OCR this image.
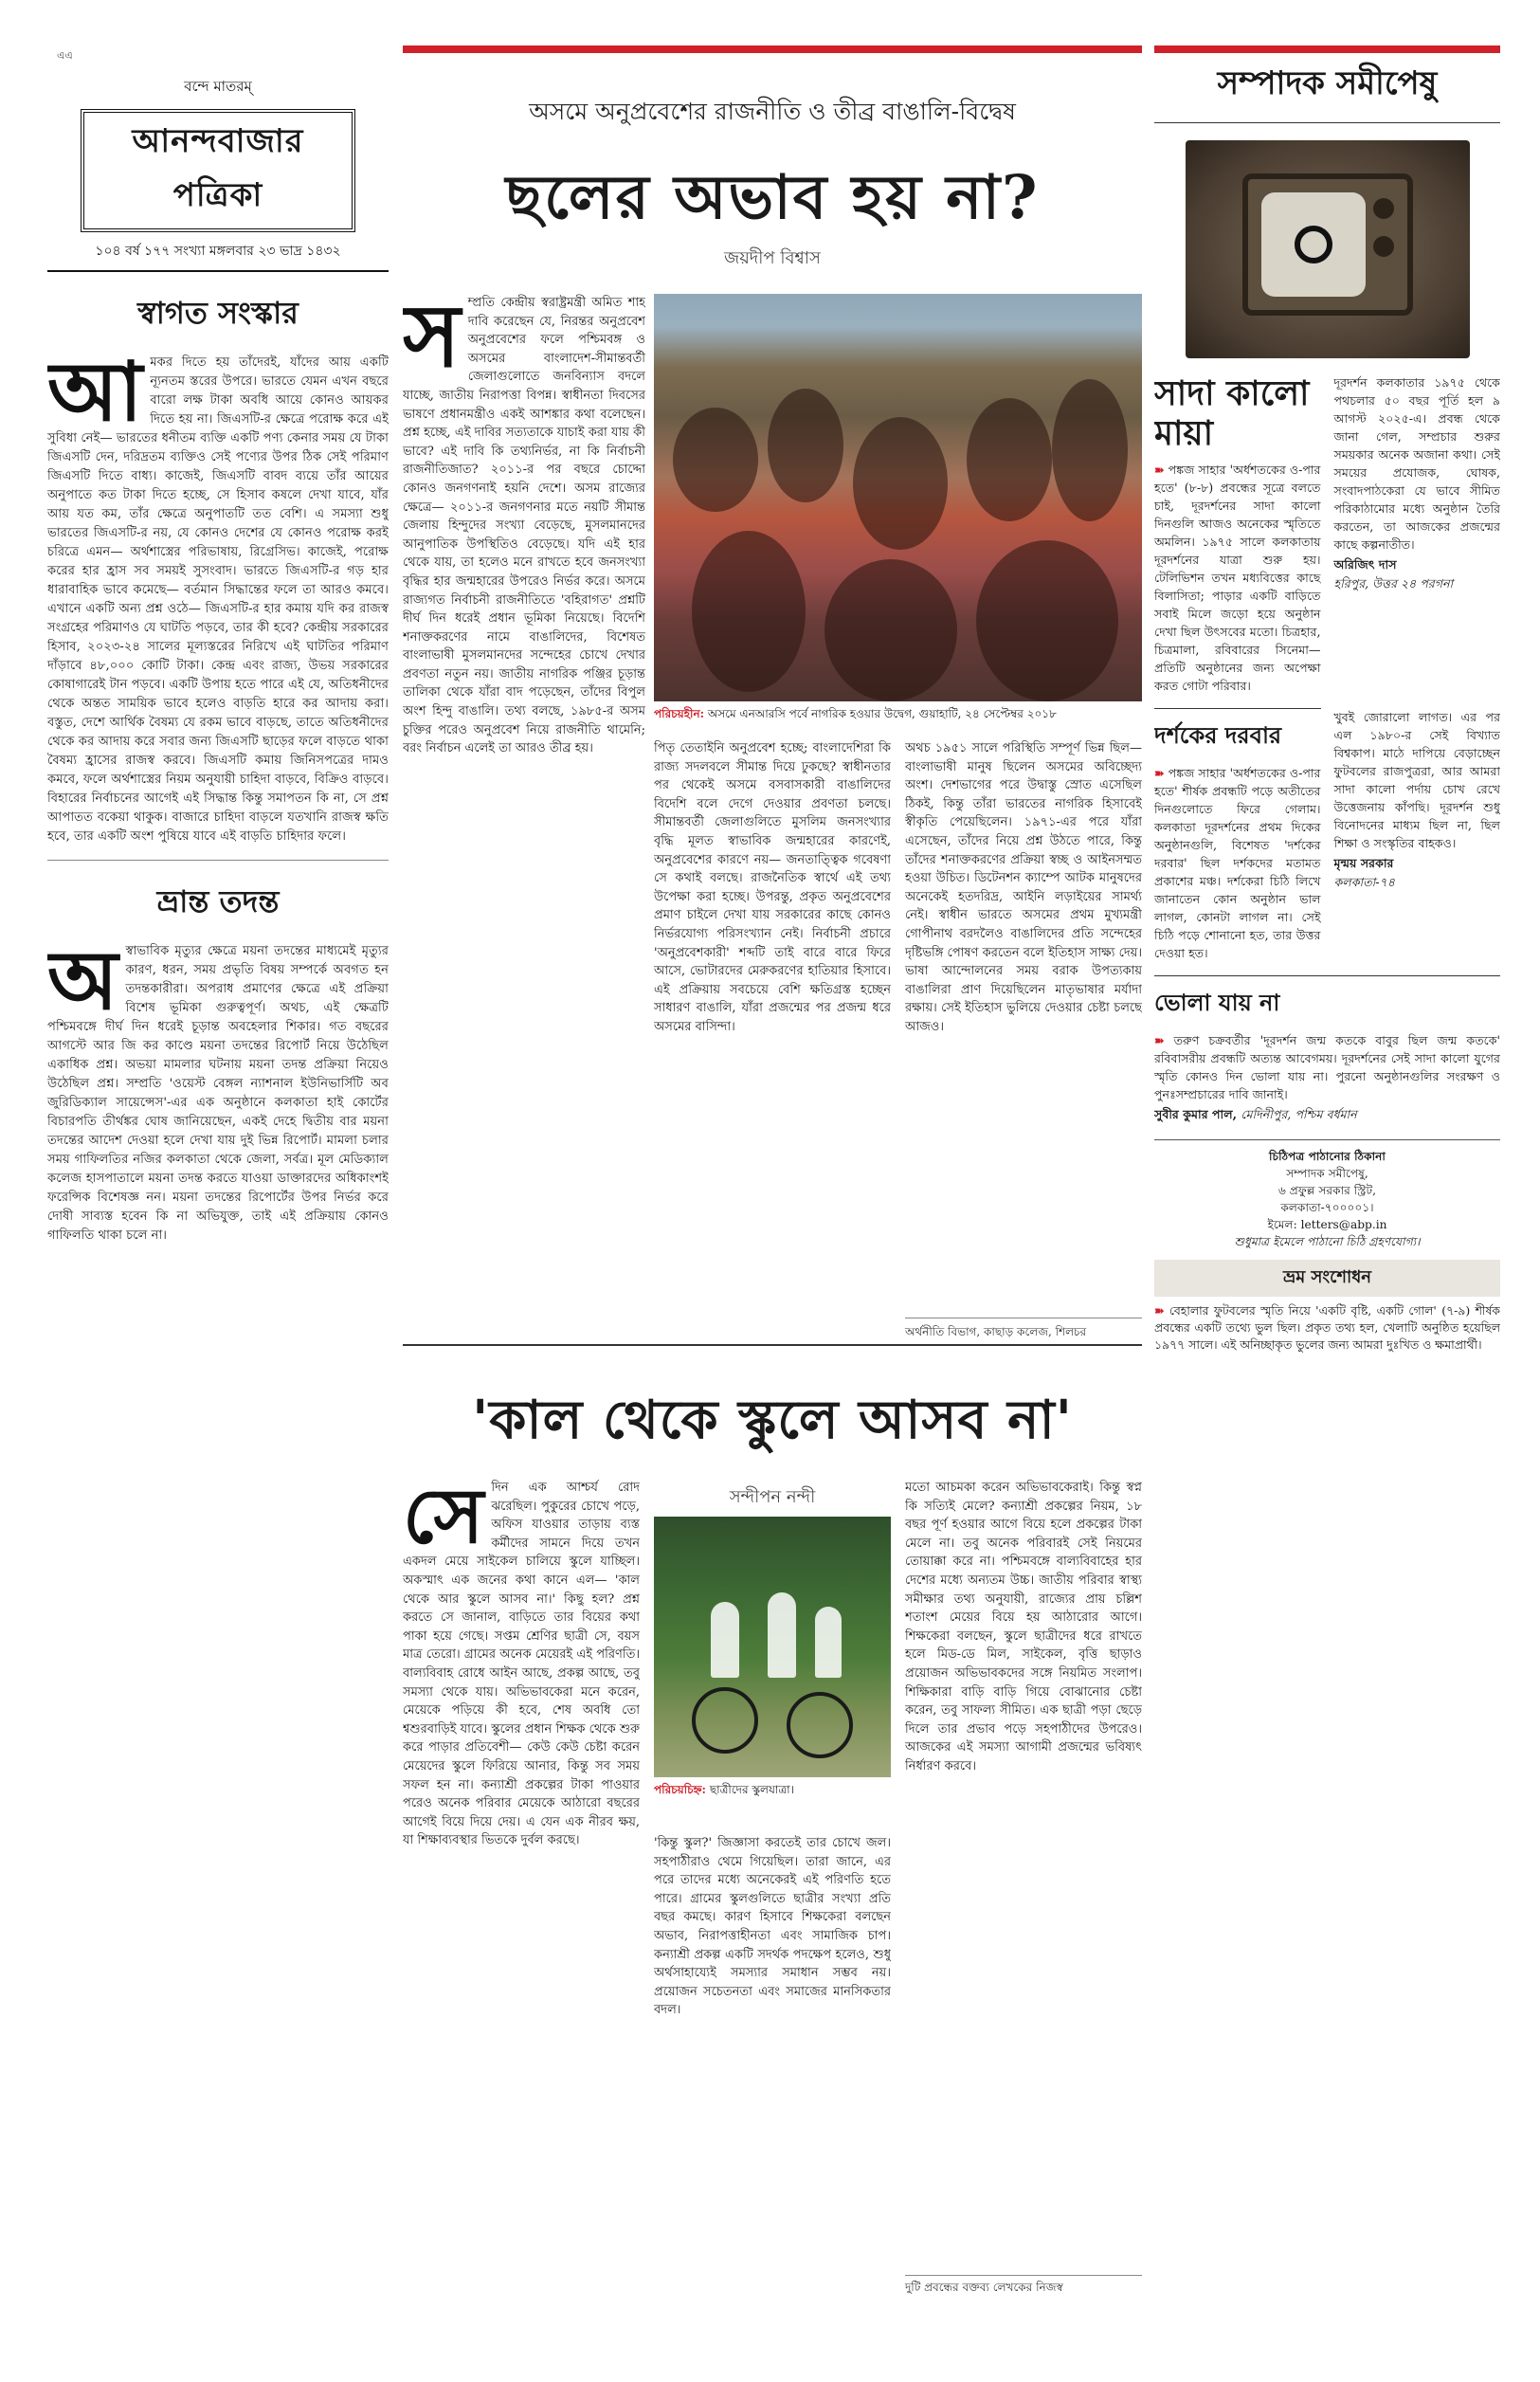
এএ
বন্দে মাতরম্‌
আনন্দবাজার পত্রিকা
১০৪ বর্ষ ১৭৭ সংখ্যা মঙ্গলবার ২৩ ভাদ্র ১৪৩২
স্বাগত সংস্কার
আ মকর দিতে হয় তাঁদেরই, যাঁদের আয় একটি ন্যূনতম স্তরের উপরে। ভারতে যেমন এখন বছরে বারো লক্ষ টাকা অবধি আয়ে কোনও আয়কর দিতে হয় না। জিএসটি-র ক্ষেত্রে পরোক্ষ করে এই সুবিধা নেই— ভারতের ধনীতম ব্যক্তি একটি পণ্য কেনার সময় যে টাকা জিএসটি দেন, দরিদ্রতম ব্যক্তিও সেই পণ্যের উপর ঠিক সেই পরিমাণ জিএসটি দিতে বাধ্য। কাজেই, জিএসটি বাবদ ব্যয়ে তাঁর আয়ের অনুপাতে কত টাকা দিতে হচ্ছে, সে হিসাব কষলে দেখা যাবে, যাঁর আয় যত কম, তাঁর ক্ষেত্রে অনুপাতটি তত বেশি। এ সমস্যা শুধু ভারতের জিএসটি-র নয়, যে কোনও দেশের যে কোনও পরোক্ষ করই চরিত্রে এমন— অর্থশাস্ত্রের পরিভাষায়, রিগ্রেসিভ। কাজেই, পরোক্ষ করের হার হ্রাস সব সময়ই সুসংবাদ। ভারতে জিএসটি-র গড় হার ধারাবাহিক ভাবে কমেছে— বর্তমান সিদ্ধান্তের ফলে তা আরও কমবে। এখানে একটি অন্য প্রশ্ন ওঠে— জিএসটি-র হার কমায় যদি কর রাজস্ব সংগ্রহের পরিমাণও যে ঘাটতি পড়বে, তার কী হবে? কেন্দ্রীয় সরকারের হিসাব, ২০২৩-২৪ সালের মূল্যস্তরের নিরিখে এই ঘাটতির পরিমাণ দাঁড়াবে ৪৮,০০০ কোটি টাকা। কেন্দ্র এবং রাজ্য, উভয় সরকারের কোষাগারেই টান পড়বে। একটি উপায় হতে পারে এই যে, অতিধনীদের থেকে অন্তত সাময়িক ভাবে হলেও বাড়তি হারে কর আদায় করা। বস্তুত, দেশে আর্থিক বৈষম্য যে রকম ভাবে বাড়ছে, তাতে অতিধনীদের থেকে কর আদায় করে সবার জন্য জিএসটি ছাড়ের ফলে বাড়তে থাকা বৈষম্য হ্রাসের রাজস্ব করবে। জিএসটি কমায় জিনিসপত্রের দামও কমবে, ফলে অর্থশাস্ত্রের নিয়ম অনুযায়ী চাহিদা বাড়বে, বিক্রিও বাড়বে। বিহারের নির্বাচনের আগেই এই সিদ্ধান্ত কিন্তু সমাপতন কি না, সে প্রশ্ন আপাতত বকেয়া থাকুক। বাজারে চাহিদা বাড়লে যতখানি রাজস্ব ক্ষতি হবে, তার একটি অংশ পুষিয়ে যাবে এই বাড়তি চাহিদার ফলে।
ভ্রান্ত তদন্ত
অ স্বাভাবিক মৃত্যুর ক্ষেত্রে ময়না তদন্তের মাধ্যমেই মৃত্যুর কারণ, ধরন, সময় প্রভৃতি বিষয় সম্পর্কে অবগত হন তদন্তকারীরা। অপরাধ প্রমাণের ক্ষেত্রে এই প্রক্রিয়া বিশেষ ভূমিকা গুরুত্বপূর্ণ। অথচ, এই ক্ষেত্রটি পশ্চিমবঙ্গে দীর্ঘ দিন ধরেই চূড়ান্ত অবহেলার শিকার। গত বছরের আগস্টে আর জি কর কাণ্ডে ময়না তদন্তের রিপোর্ট নিয়ে উঠেছিল একাধিক প্রশ্ন। অভয়া মামলার ঘটনায় ময়না তদন্ত প্রক্রিয়া নিয়েও উঠেছিল প্রশ্ন। সম্প্রতি 'ওয়েস্ট বেঙ্গল ন্যাশনাল ইউনিভার্সিটি অব জুরিডিক্যাল সায়েন্সেস'-এর এক অনুষ্ঠানে কলকাতা হাই কোর্টের বিচারপতি তীর্থঙ্কর ঘোষ জানিয়েছেন, একই দেহে দ্বিতীয় বার ময়না তদন্তের আদেশ দেওয়া হলে দেখা যায় দুই ভিন্ন রিপোর্ট। মামলা চলার সময় গাফিলতির নজির কলকাতা থেকে জেলা, সর্বত্র। মূল মেডিক্যাল কলেজ হাসপাতালে ময়না তদন্ত করতে যাওয়া ডাক্তারদের অধিকাংশই ফরেন্সিক বিশেষজ্ঞ নন। ময়না তদন্তের রিপোর্টের উপর নির্ভর করে দোষী সাব্যস্ত হবেন কি না অভিযুক্ত, তাই এই প্রক্রিয়ায় কোনও গাফিলতি থাকা চলে না।
অসমে অনুপ্রবেশের রাজনীতি ও তীব্র বাঙালি-বিদ্বেষ
ছলের অভাব হয় না?
জয়দীপ বিশ্বাস
স ম্প্রতি কেন্দ্রীয় স্বরাষ্ট্রমন্ত্রী অমিত শাহ দাবি করেছেন যে, নিরন্তর অনুপ্রবেশ অনুপ্রবেশের ফলে পশ্চিমবঙ্গ ও অসমের বাংলাদেশ-সীমান্তবর্তী জেলাগুলোতে জনবিন্যাস বদলে যাচ্ছে, জাতীয় নিরাপত্তা বিপন্ন। স্বাধীনতা দিবসের ভাষণে প্রধানমন্ত্রীও একই আশঙ্কার কথা বলেছেন। প্রশ্ন হচ্ছে, এই দাবির সত্যতাকে যাচাই করা যায় কী ভাবে? এই দাবি কি তথ্যনির্ভর, না কি নির্বাচনী রাজনীতিজাত? ২০১১-র পর বছরে চোদ্দো কোনও জনগণনাই হয়নি দেশে। অসম রাজ্যের ক্ষেত্রে— ২০১১-র জনগণনার মতে নয়টি সীমান্ত জেলায় হিন্দুদের সংখ্যা বেড়েছে, মুসলমানদের আনুপাতিক উপস্থিতিও বেড়েছে। যদি এই হার থেকে যায়, তা হলেও মনে রাখতে হবে জনসংখ্যা বৃদ্ধির হার জন্মহারের উপরেও নির্ভর করে। অসমে রাজ্যগত নির্বাচনী রাজনীতিতে 'বহিরাগত' প্রশ্নটি দীর্ঘ দিন ধরেই প্রধান ভূমিকা নিয়েছে। বিদেশি শনাক্তকরণের নামে বাঙালিদের, বিশেষত বাংলাভাষী মুসলমানদের সন্দেহের চোখে দেখার প্রবণতা নতুন নয়। জাতীয় নাগরিক পঞ্জির চূড়ান্ত তালিকা থেকে যাঁরা বাদ পড়েছেন, তাঁদের বিপুল অংশ হিন্দু বাঙালি। তথ্য বলছে, ১৯৮৫-র অসম চুক্তির পরেও অনুপ্রবেশ নিয়ে রাজনীতি থামেনি; বরং নির্বাচন এলেই তা আরও তীব্র হয়।
পরিচয়হীন: অসমে এনআরসি পর্বে নাগরিক হওয়ার উদ্বেগ, গুয়াহাটি, ২৪ সেপ্টেম্বর ২০১৮
পিতৃ তেতাইনি অনুপ্রবেশ হচ্ছে; বাংলাদেশিরা কি রাজ্য সদলবলে সীমান্ত দিয়ে ঢুকছে? স্বাধীনতার পর থেকেই অসমে বসবাসকারী বাঙালিদের বিদেশি বলে দেগে দেওয়ার প্রবণতা চলছে। সীমান্তবর্তী জেলাগুলিতে মুসলিম জনসংখ্যার বৃদ্ধি মূলত স্বাভাবিক জন্মহারের কারণেই, অনুপ্রবেশের কারণে নয়— জনতাত্ত্বিক গবেষণা সে কথাই বলছে। রাজনৈতিক স্বার্থে এই তথ্য উপেক্ষা করা হচ্ছে। উপরন্তু, প্রকৃত অনুপ্রবেশের প্রমাণ চাইলে দেখা যায় সরকারের কাছে কোনও নির্ভরযোগ্য পরিসংখ্যান নেই। নির্বাচনী প্রচারে 'অনুপ্রবেশকারী' শব্দটি তাই বারে বারে ফিরে আসে, ভোটারদের মেরুকরণের হাতিয়ার হিসাবে। এই প্রক্রিয়ায় সবচেয়ে বেশি ক্ষতিগ্রস্ত হচ্ছেন সাধারণ বাঙালি, যাঁরা প্রজন্মের পর প্রজন্ম ধরে অসমের বাসিন্দা।
অথচ ১৯৫১ সালে পরিস্থিতি সম্পূর্ণ ভিন্ন ছিল— বাংলাভাষী মানুষ ছিলেন অসমের অবিচ্ছেদ্য অংশ। দেশভাগের পরে উদ্বাস্তু স্রোত এসেছিল ঠিকই, কিন্তু তাঁরা ভারতের নাগরিক হিসাবেই স্বীকৃতি পেয়েছিলেন। ১৯৭১-এর পরে যাঁরা এসেছেন, তাঁদের নিয়ে প্রশ্ন উঠতে পারে, কিন্তু তাঁদের শনাক্তকরণের প্রক্রিয়া স্বচ্ছ ও আইনসম্মত হওয়া উচিত। ডিটেনশন ক্যাম্পে আটক মানুষদের অনেকেই হতদরিদ্র, আইনি লড়াইয়ের সামর্থ্য নেই। স্বাধীন ভারতে অসমের প্রথম মুখ্যমন্ত্রী গোপীনাথ বরদলৈও বাঙালিদের প্রতি সন্দেহের দৃষ্টিভঙ্গি পোষণ করতেন বলে ইতিহাস সাক্ষ্য দেয়। ভাষা আন্দোলনের সময় বরাক উপত্যকায় বাঙালিরা প্রাণ দিয়েছিলেন মাতৃভাষার মর্যাদা রক্ষায়। সেই ইতিহাস ভুলিয়ে দেওয়ার চেষ্টা চলছে আজও।
অর্থনীতি বিভাগ, কাছাড় কলেজ, শিলচর
'কাল থেকে স্কুলে আসব না'
সে দিন এক আশ্চর্য রোদ ঝরেছিল। পুকুরের চোখে পড়ে, অফিস যাওয়ার তাড়ায় ব্যস্ত কর্মীদের সামনে দিয়ে তখন একদল মেয়ে সাইকেল চালিয়ে স্কুলে যাচ্ছিল। অকস্মাৎ এক জনের কথা কানে এল— 'কাল থেকে আর স্কুলে আসব না।' কিছু হল? প্রশ্ন করতে সে জানাল, বাড়িতে তার বিয়ের কথা পাকা হয়ে গেছে। সপ্তম শ্রেণির ছাত্রী সে, বয়স মাত্র তেরো। গ্রামের অনেক মেয়েরই এই পরিণতি। বাল্যবিবাহ রোধে আইন আছে, প্রকল্প আছে, তবু সমস্যা থেকে যায়। অভিভাবকেরা মনে করেন, মেয়েকে পড়িয়ে কী হবে, শেষ অবধি তো শ্বশুরবাড়িই যাবে। স্কুলের প্রধান শিক্ষক থেকে শুরু করে পাড়ার প্রতিবেশী— কেউ কেউ চেষ্টা করেন মেয়েদের স্কুলে ফিরিয়ে আনার, কিন্তু সব সময় সফল হন না। কন্যাশ্রী প্রকল্পের টাকা পাওয়ার পরেও অনেক পরিবার মেয়েকে আঠারো বছরের আগেই বিয়ে দিয়ে দেয়। এ যেন এক নীরব ক্ষয়, যা শিক্ষাব্যবস্থার ভিতকে দুর্বল করছে।
সন্দীপন নন্দী
পরিচয়চিহ্ন: ছাত্রীদের স্কুলযাত্রা।
'কিন্তু স্কুল?' জিজ্ঞাসা করতেই তার চোখে জল। সহপাঠীরাও থেমে গিয়েছিল। তারা জানে, এর পরে তাদের মধ্যে অনেকেরই এই পরিণতি হতে পারে। গ্রামের স্কুলগুলিতে ছাত্রীর সংখ্যা প্রতি বছর কমছে। কারণ হিসাবে শিক্ষকেরা বলছেন অভাব, নিরাপত্তাহীনতা এবং সামাজিক চাপ। কন্যাশ্রী প্রকল্প একটি সদর্থক পদক্ষেপ হলেও, শুধু অর্থসাহায্যেই সমস্যার সমাধান সম্ভব নয়। প্রয়োজন সচেতনতা এবং সমাজের মানসিকতার বদল।
মতো আচমকা করেন অভিভাবকেরাই। কিন্তু স্বপ্ন কি সত্যিই মেলে? কন্যাশ্রী প্রকল্পের নিয়ম, ১৮ বছর পূর্ণ হওয়ার আগে বিয়ে হলে প্রকল্পের টাকা মেলে না। তবু অনেক পরিবারই সেই নিয়মের তোয়াক্কা করে না। পশ্চিমবঙ্গে বাল্যবিবাহের হার দেশের মধ্যে অন্যতম উচ্চ। জাতীয় পরিবার স্বাস্থ্য সমীক্ষার তথ্য অনুযায়ী, রাজ্যের প্রায় চল্লিশ শতাংশ মেয়ের বিয়ে হয় আঠারোর আগে। শিক্ষকেরা বলছেন, স্কুলে ছাত্রীদের ধরে রাখতে হলে মিড-ডে মিল, সাইকেল, বৃত্তি ছাড়াও প্রয়োজন অভিভাবকদের সঙ্গে নিয়মিত সংলাপ। শিক্ষিকারা বাড়ি বাড়ি গিয়ে বোঝানোর চেষ্টা করেন, তবু সাফল্য সীমিত। এক ছাত্রী পড়া ছেড়ে দিলে তার প্রভাব পড়ে সহপাঠীদের উপরেও। আজকের এই সমস্যা আগামী প্রজন্মের ভবিষ্যৎ নির্ধারণ করবে।
দুটি প্রবন্ধের বক্তব্য লেখকের নিজস্ব
সম্পাদক সমীপেষু
সাদা কালো মায়া
➽ পঙ্কজ সাহার 'অর্ধশতকের ও-পার হতে' (৮-৮) প্রবন্ধের সূত্রে বলতে চাই, দূরদর্শনের সাদা কালো দিনগুলি আজও অনেকের স্মৃতিতে অমলিন। ১৯৭৫ সালে কলকাতায় দূরদর্শনের যাত্রা শুরু হয়। টেলিভিশন তখন মধ্যবিত্তের কাছে বিলাসিতা; পাড়ার একটি বাড়িতে সবাই মিলে জড়ো হয়ে অনুষ্ঠান দেখা ছিল উৎসবের মতো। চিত্রহার, চিত্রমালা, রবিবারের সিনেমা— প্রতিটি অনুষ্ঠানের জন্য অপেক্ষা করত গোটা পরিবার।
দূরদর্শন কলকাতার ১৯৭৫ থেকে পথচলার ৫০ বছর পূর্তি হল ৯ আগস্ট ২০২৫-এ। প্রবন্ধ থেকে জানা গেল, সম্প্রচার শুরুর সময়কার অনেক অজানা কথা। সেই সময়ের প্রযোজক, ঘোষক, সংবাদপাঠকেরা যে ভাবে সীমিত পরিকাঠামোর মধ্যে অনুষ্ঠান তৈরি করতেন, তা আজকের প্রজন্মের কাছে কল্পনাতীত।
অরিজিৎ দাস
হরিপুর, উত্তর ২৪ পরগনা
দর্শকের দরবার
➽ পঙ্কজ সাহার 'অর্ধশতকের ও-পার হতে' শীর্ষক প্রবন্ধটি পড়ে অতীতের দিনগুলোতে ফিরে গেলাম। কলকাতা দূরদর্শনের প্রথম দিকের অনুষ্ঠানগুলি, বিশেষত 'দর্শকের দরবার' ছিল দর্শকদের মতামত প্রকাশের মঞ্চ। দর্শকেরা চিঠি লিখে জানাতেন কোন অনুষ্ঠান ভাল লাগল, কোনটা লাগল না। সেই চিঠি পড়ে শোনানো হত, তার উত্তর দেওয়া হত।
খুবই জোরালো লাগত। এর পর এল ১৯৮০-র সেই বিখ্যাত বিশ্বকাপ। মাঠে দাপিয়ে বেড়াচ্ছেন ফুটবলের রাজপুত্ররা, আর আমরা সাদা কালো পর্দায় চোখ রেখে উত্তেজনায় কাঁপছি। দূরদর্শন শুধু বিনোদনের মাধ্যম ছিল না, ছিল শিক্ষা ও সংস্কৃতির বাহকও।
মৃন্ময় সরকার
কলকাতা-৭৪
ভোলা যায় না
➽ তরুণ চক্রবর্তীর 'দূরদর্শন জন্ম কতকে বাবুর ছিল জন্ম কতকে' রবিবাসরীয় প্রবন্ধটি অত্যন্ত আবেগময়। দূরদর্শনের সেই সাদা কালো যুগের স্মৃতি কোনও দিন ভোলা যায় না। পুরনো অনুষ্ঠানগুলির সংরক্ষণ ও পুনঃসম্প্রচারের দাবি জানাই।
সুবীর কুমার পাল, মেদিনীপুর, পশ্চিম বর্ধমান
চিঠিপত্র পাঠানোর ঠিকানা
সম্পাদক সমীপেষু,
৬ প্রফুল্ল সরকার স্ট্রিট,
কলকাতা-৭০০০০১।
ইমেল: letters@abp.in
শুধুমাত্র ইমেলে পাঠানো চিঠি গ্রহণযোগ্য।
ভ্রম সংশোধন
➽ বেহালার ফুটবলের স্মৃতি নিয়ে 'একটি বৃষ্টি, একটি গোল' (৭-৯) শীর্ষক প্রবন্ধের একটি তথ্যে ভুল ছিল। প্রকৃত তথ্য হল, খেলাটি অনুষ্ঠিত হয়েছিল ১৯৭৭ সালে। এই অনিচ্ছাকৃত ভুলের জন্য আমরা দুঃখিত ও ক্ষমাপ্রার্থী।
